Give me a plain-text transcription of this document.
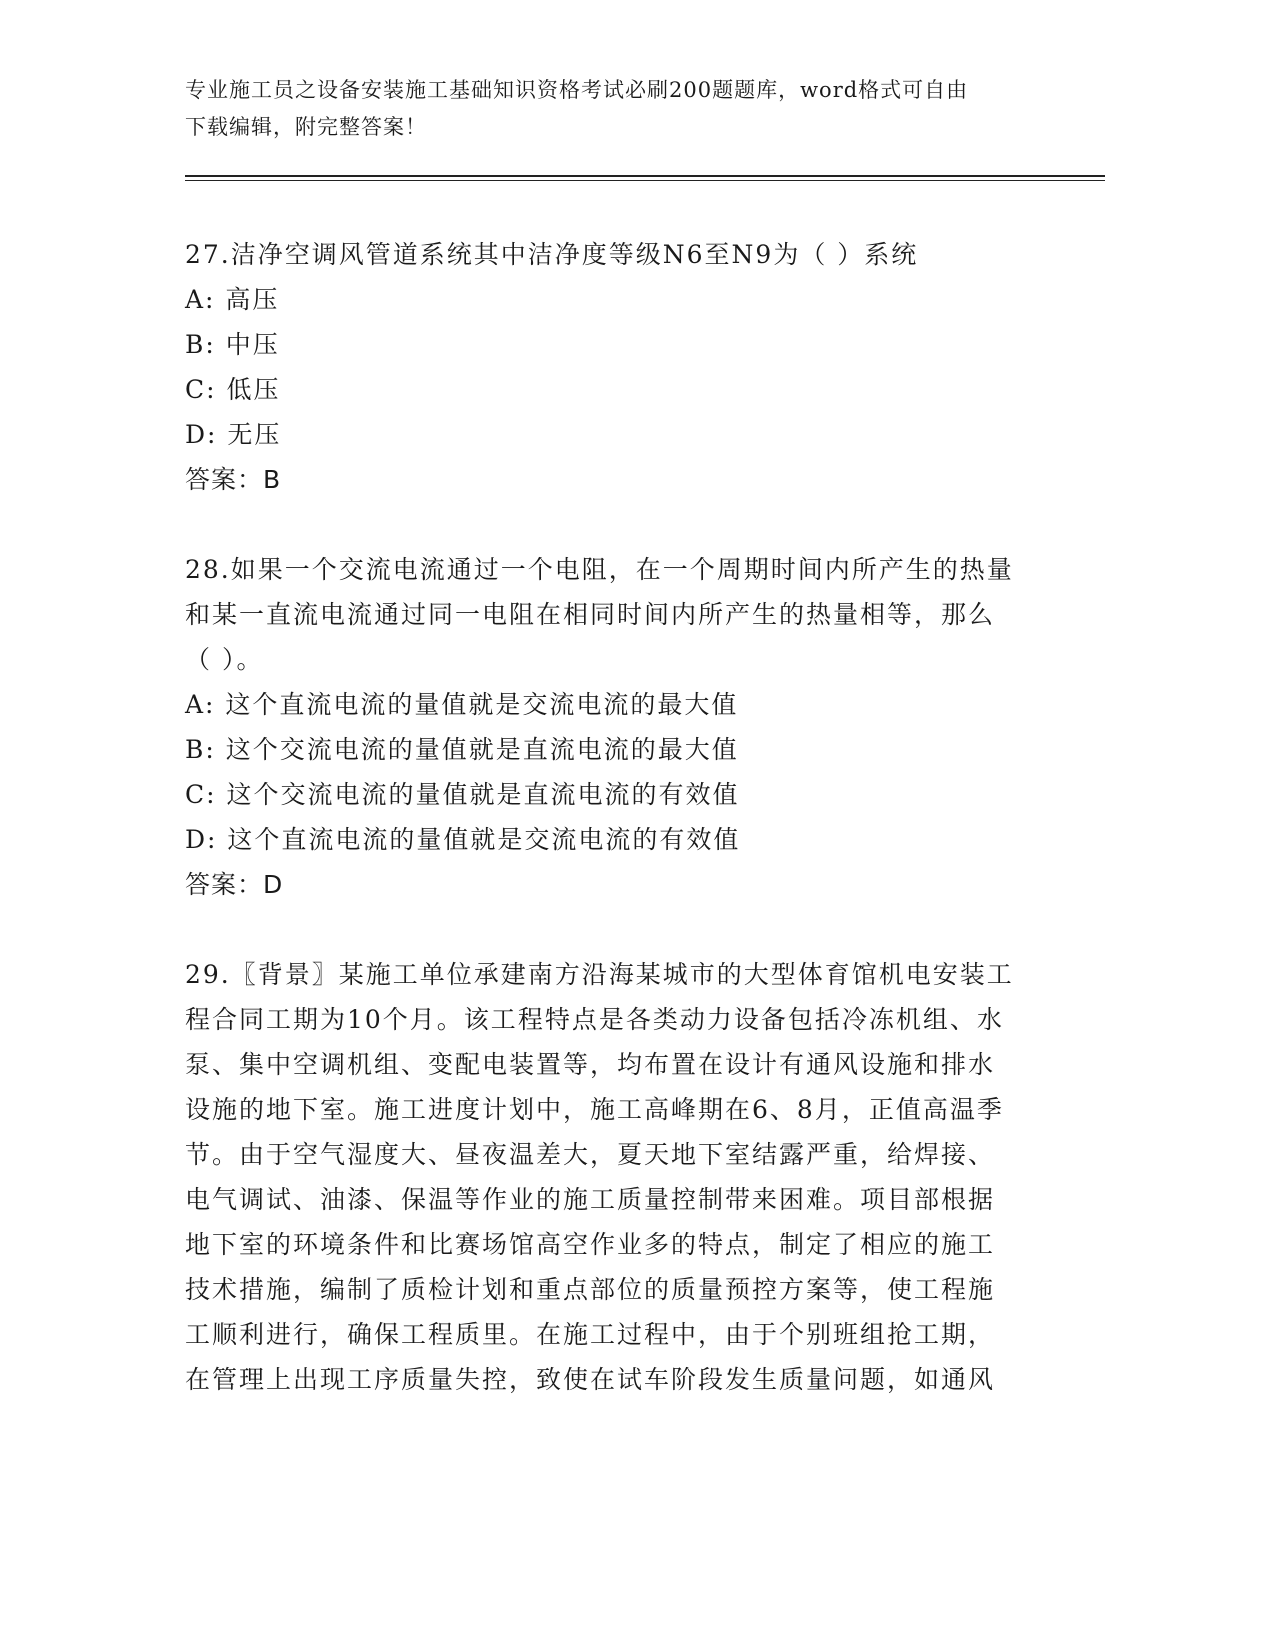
专业施工员之设备安装施工基础知识资格考试必刷200题题库，word格式可自由
下载编辑，附完整答案！
27.洁净空调风管道系统其中洁净度等级N6至N9为（ ）系统
A: 高压
B: 中压
C: 低压
D: 无压
答案：B
28.如果一个交流电流通过一个电阻，在一个周期时间内所产生的热量
和某一直流电流通过同一电阻在相同时间内所产生的热量相等，那么
（ ）。
A: 这个直流电流的量值就是交流电流的最大值
B: 这个交流电流的量值就是直流电流的最大值
C: 这个交流电流的量值就是直流电流的有效值
D: 这个直流电流的量值就是交流电流的有效值
答案：D
29.〖背景〗某施工单位承建南方沿海某城市的大型体育馆机电安装工
程合同工期为10个月。该工程特点是各类动力设备包括冷冻机组、水
泵、集中空调机组、变配电装置等，均布置在设计有通风设施和排水
设施的地下室。施工进度计划中，施工高峰期在6、8月，正值高温季
节。由于空气湿度大、昼夜温差大，夏天地下室结露严重，给焊接、
电气调试、油漆、保温等作业的施工质量控制带来困难。项目部根据
地下室的环境条件和比赛场馆高空作业多的特点，制定了相应的施工
技术措施，编制了质检计划和重点部位的质量预控方案等，使工程施
工顺利进行，确保工程质里。在施工过程中，由于个别班组抢工期，
在管理上出现工序质量失控，致使在试车阶段发生质量问题，如通风
